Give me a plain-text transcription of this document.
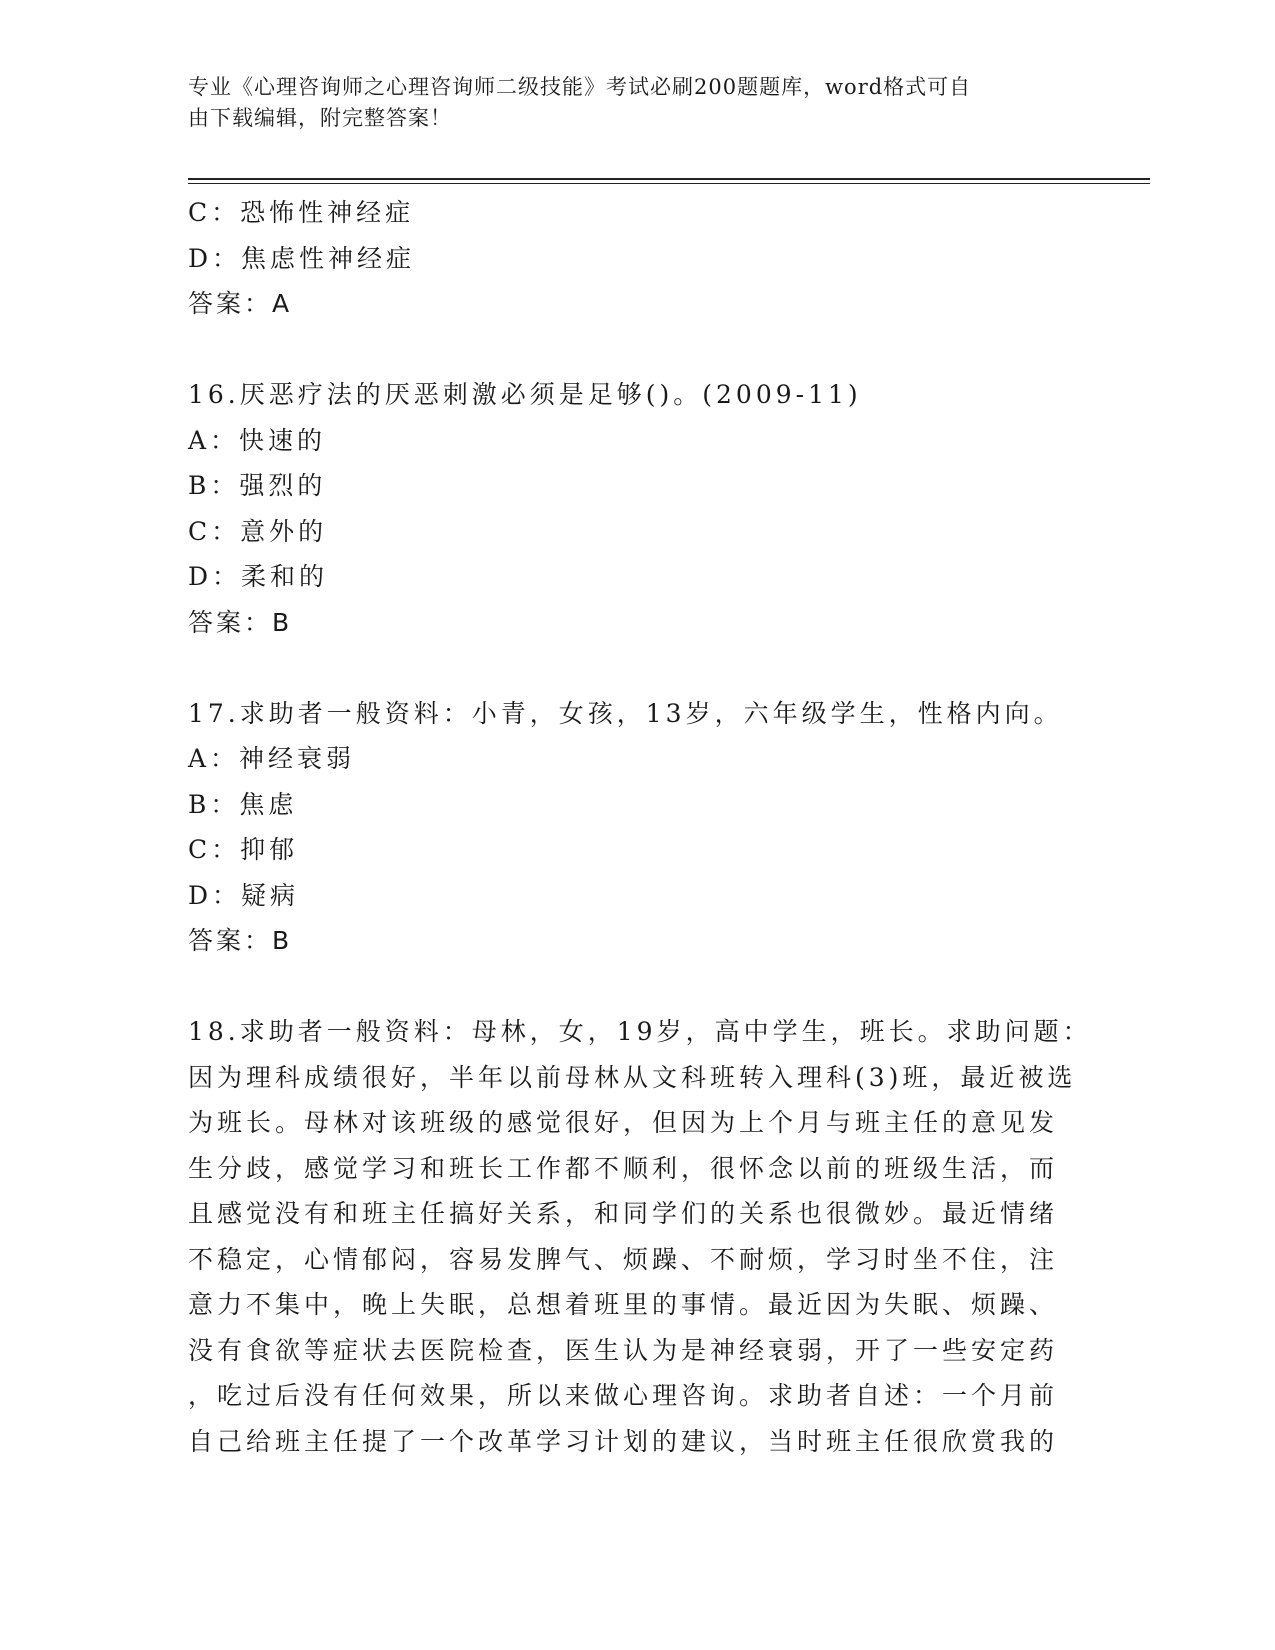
专业《心理咨询师之心理咨询师二级技能》考试必刷200题题库，word格式可自
由下载编辑，附完整答案！
C：恐怖性神经症
D：焦虑性神经症
答案：A
16.厌恶疗法的厌恶刺激必须是足够()。(2009-11)
A：快速的
B：强烈的
C：意外的
D：柔和的
答案：B
17.求助者一般资料：小青，女孩，13岁，六年级学生，性格内向。
A：神经衰弱
B：焦虑
C：抑郁
D：疑病
答案：B
18.求助者一般资料：母林，女，19岁，高中学生，班长。求助问题：
因为理科成绩很好，半年以前母林从文科班转入理科(3)班，最近被选
为班长。母林对该班级的感觉很好，但因为上个月与班主任的意见发
生分歧，感觉学习和班长工作都不顺利，很怀念以前的班级生活，而
且感觉没有和班主任搞好关系，和同学们的关系也很微妙。最近情绪
不稳定，心情郁闷，容易发脾气、烦躁、不耐烦，学习时坐不住，注
意力不集中，晚上失眠，总想着班里的事情。最近因为失眠、烦躁、
没有食欲等症状去医院检查，医生认为是神经衰弱，开了一些安定药
，吃过后没有任何效果，所以来做心理咨询。求助者自述：一个月前
自己给班主任提了一个改革学习计划的建议，当时班主任很欣赏我的
